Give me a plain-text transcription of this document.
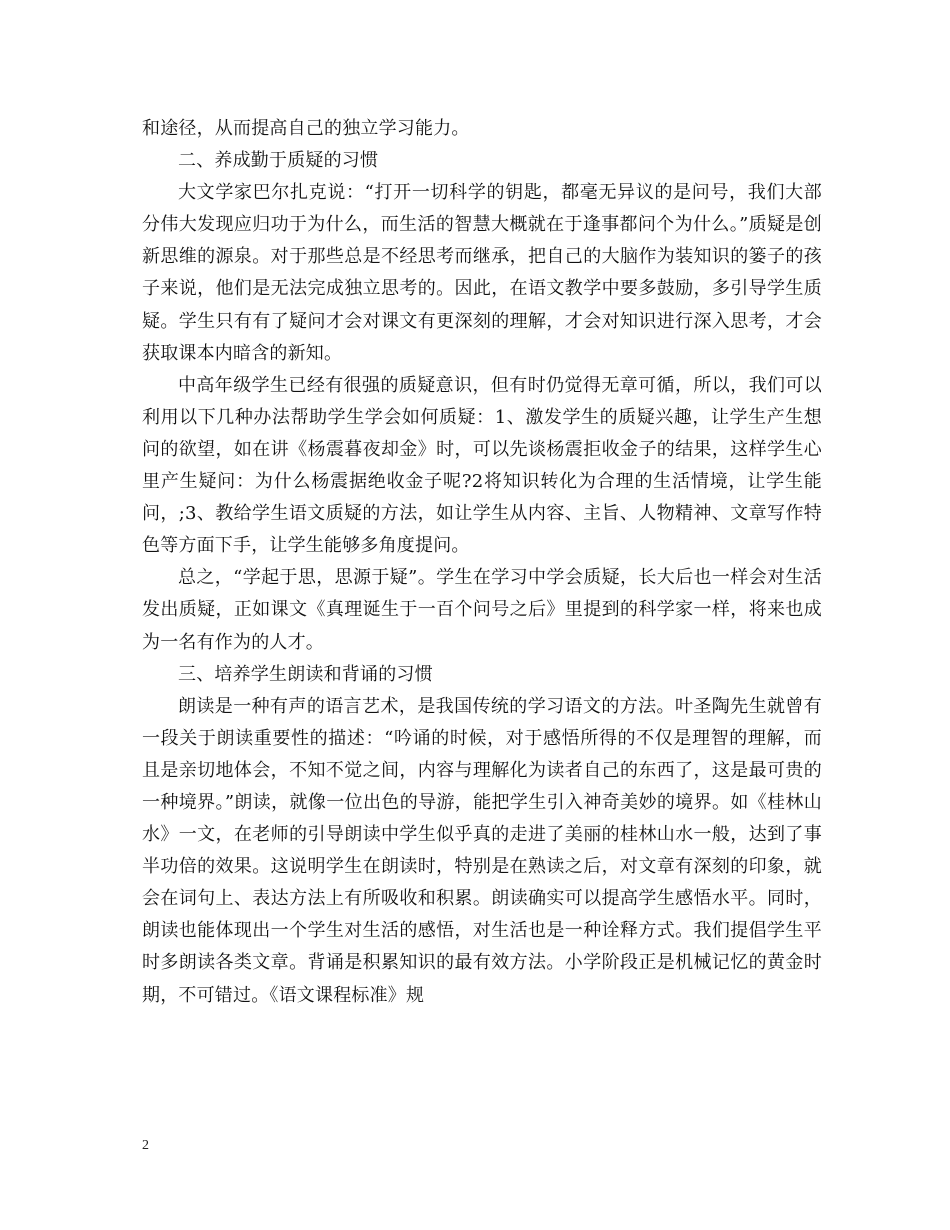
和途径，从而提高自己的独立学习能力。

二、养成勤于质疑的习惯

大文学家巴尔扎克说：“打开一切科学的钥匙，都毫无异议的是问号，我们大部分伟大发现应归功于为什么，而生活的智慧大概就在于逢事都问个为什么。”质疑是创新思维的源泉。对于那些总是不经思考而继承，把自己的大脑作为装知识的篓子的孩子来说，他们是无法完成独立思考的。因此，在语文教学中要多鼓励，多引导学生质疑。学生只有有了疑问才会对课文有更深刻的理解，才会对知识进行深入思考，才会获取课本内暗含的新知。

中高年级学生已经有很强的质疑意识，但有时仍觉得无章可循，所以，我们可以利用以下几种办法帮助学生学会如何质疑：1、激发学生的质疑兴趣，让学生产生想问的欲望，如在讲《杨震暮夜却金》时，可以先谈杨震拒收金子的结果，这样学生心里产生疑问：为什么杨震据绝收金子呢?2将知识转化为合理的生活情境，让学生能问，;3、教给学生语文质疑的方法，如让学生从内容、主旨、人物精神、文章写作特色等方面下手，让学生能够多角度提问。

总之，“学起于思，思源于疑”。学生在学习中学会质疑，长大后也一样会对生活发出质疑，正如课文《真理诞生于一百个问号之后》里提到的科学家一样，将来也成为一名有作为的人才。

三、培养学生朗读和背诵的习惯

朗读是一种有声的语言艺术，是我国传统的学习语文的方法。叶圣陶先生就曾有一段关于朗读重要性的描述：“吟诵的时候，对于感悟所得的不仅是理智的理解，而且是亲切地体会，不知不觉之间，内容与理解化为读者自己的东西了，这是最可贵的一种境界。”朗读，就像一位出色的导游，能把学生引入神奇美妙的境界。如《桂林山水》一文，在老师的引导朗读中学生似乎真的走进了美丽的桂林山水一般，达到了事半功倍的效果。这说明学生在朗读时，特别是在熟读之后，对文章有深刻的印象，就会在词句上、表达方法上有所吸收和积累。朗读确实可以提高学生感悟水平。同时，朗读也能体现出一个学生对生活的感悟，对生活也是一种诠释方式。我们提倡学生平时多朗读各类文章。背诵是积累知识的最有效方法。小学阶段正是机械记忆的黄金时期，不可错过。《语文课程标准》规

2
